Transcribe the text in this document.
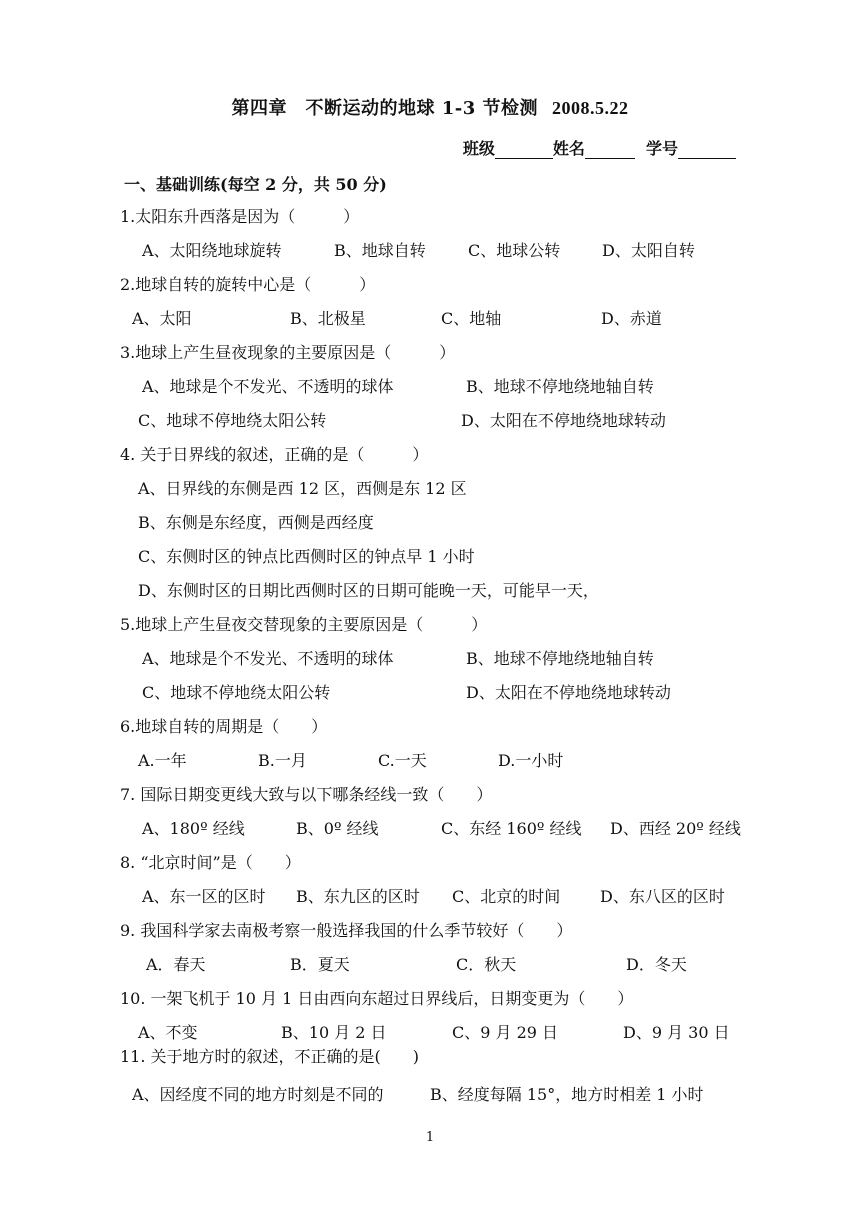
第四章　不断运动的地球 1-3 节检测 2008.5.22
班级	姓名	学号
一、基础训练(每空 2 分，共 50 分)
1.太阳东升西落是因为（　　　）
A、太阳绕地球旋转	B、地球自转	C、地球公转	D、太阳自转
2.地球自转的旋转中心是（　　　）
A、太阳	B、北极星	C、地轴	D、赤道
3.地球上产生昼夜现象的主要原因是（　　　）
A、地球是个不发光、不透明的球体	B、地球不停地绕地轴自转
C、地球不停地绕太阳公转	D、太阳在不停地绕地球转动
4. 关于日界线的叙述，正确的是（　　　）
A、日界线的东侧是西 12 区，西侧是东 12 区
B、东侧是东经度，西侧是西经度
C、东侧时区的钟点比西侧时区的钟点早 1 小时
D、东侧时区的日期比西侧时区的日期可能晚一天，可能早一天，
5.地球上产生昼夜交替现象的主要原因是（　　　）
A、地球是个不发光、不透明的球体	B、地球不停地绕地轴自转
C、地球不停地绕太阳公转	D、太阳在不停地绕地球转动
6.地球自转的周期是（　　）
A.一年	B.一月	C.一天	D.一小时
7. 国际日期变更线大致与以下哪条经线一致（　　）
A、180º 经线	B、0º 经线	C、东经 160º 经线 D、西经 20º 经线
8. “北京时间”是（　　）
A、东一区的区时 B、东九区的区时 C、北京的时间 D、东八区的区时
9. 我国科学家去南极考察一般选择我国的什么季节较好（　　）
A．春天	B．夏天	C．秋天	D．冬天
10. 一架飞机于 10 月 1 日由西向东超过日界线后，日期变更为（　　）
A、不变	B、10 月 2 日	C、9 月 29 日	D、9 月 30 日
11. 关于地方时的叙述，不正确的是(　　)
A、因经度不同的地方时刻是不同的	B、经度每隔 15°，地方时相差 1 小时
1
